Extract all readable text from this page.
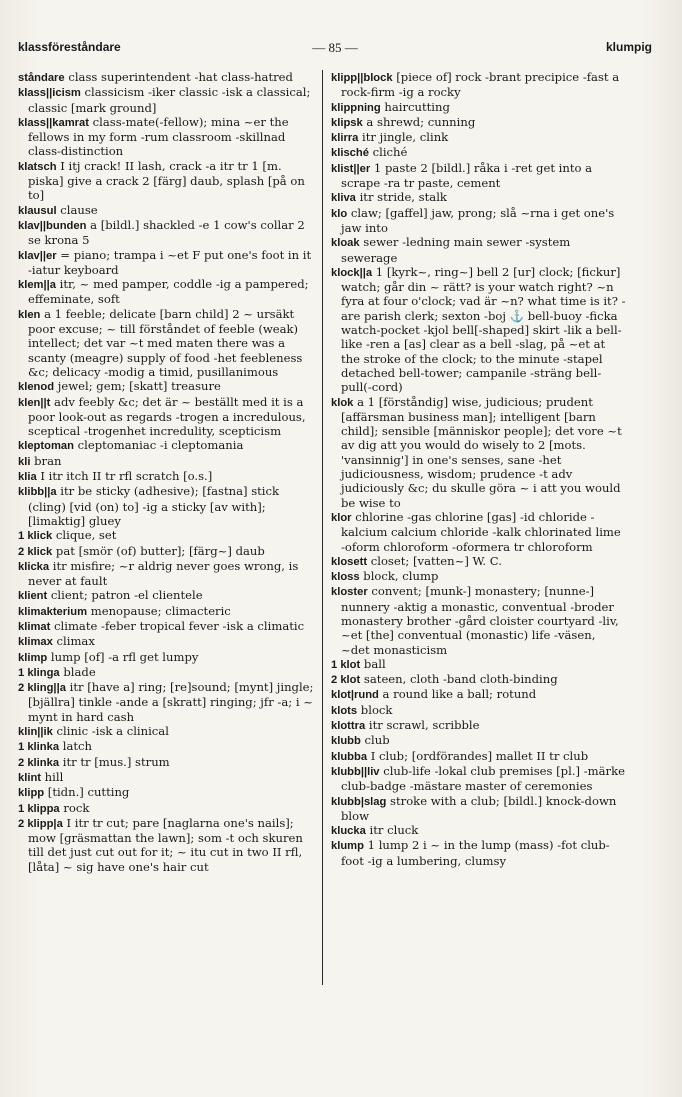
klassföreståndare	— 85 —	klumpig
ståndare class superintendent -hat class-hatred
klass||icism classicism -iker classic -isk a classical; classic [mark ground]
klass||kamrat class-mate(-fellow); mina ~er the fellows in my form -rum classroom -skillnad class-distinction
klatsch I itj crack! II lash, crack -a itr tr 1 [m. piska] give a crack 2 [färg] daub, splash [på on to]
klausul clause
klav||bunden a [bildl.] shackled -e 1 cow's collar 2 se krona 5
klav||er = piano; trampa i ~et F put one's foot in it -iatur keyboard
klem||a itr, ~ med pamper, coddle -ig a pampered; effeminate, soft
klen a 1 feeble; delicate [barn child] 2 ~ ursäkt poor excuse; ~ till förståndet of feeble (weak) intellect; det var ~t med maten there was a scanty (meagre) supply of food -het feebleness &c; delicacy -modig a timid, pusillanimous
klenod jewel; gem; [skatt] treasure
klen||t adv feebly &c; det är ~ beställt med it is a poor look-out as regards -trogen a incredulous, sceptical -trogenhet incredulity, scepticism
kleptoman cleptomaniac -i cleptomania
kli bran
klia I itr itch II tr rfl scratch [o.s.]
klibb||a itr be sticky (adhesive); [fastna] stick (cling) [vid (on) to] -ig a sticky [av with]; [limaktig] gluey
1 klick clique, set
2 klick pat [smör (of) butter]; [färg~] daub
klicka itr misfire; ~r aldrig never goes wrong, is never at fault
klient client; patron -el clientele
klimakterium menopause; climacteric
klimat climate -feber tropical fever -isk a climatic
klimax climax
klimp lump [of] -a rfl get lumpy
1 klinga blade
2 kling||a itr [have a] ring; [re]sound; [mynt] jingle; [bjällra] tinkle -ande a [skratt] ringing; jfr -a; i ~ mynt in hard cash
klin||ik clinic -isk a clinical
1 klinka latch
2 klinka itr tr [mus.] strum
klint hill
klipp [tidn.] cutting
1 klippa rock
2 klipp|a I itr tr cut; pare [naglarna one's nails]; mow [gräsmattan the lawn]; som -t och skuren till det just cut out for it; ~ itu cut in two II rfl, [låta] ~ sig have one's hair cut
klipp||block [piece of] rock -brant precipice -fast a rock-firm -ig a rocky
klippning haircutting
klipsk a shrewd; cunning
klirra itr jingle, clink
klisché cliché
klist||er 1 paste 2 [bildl.] råka i -ret get into a scrape -ra tr paste, cement
kliva itr stride, stalk
klo claw; [gaffel] jaw, prong; slå ~rna i get one's jaw into
kloak sewer -ledning main sewer -system sewerage
klock||a 1 [kyrk~, ring~] bell 2 [ur] clock; [fickur] watch; går din ~ rätt? is your watch right? ~n fyra at four o'clock; vad är ~n? what time is it? -are parish clerk; sexton -boj ⚓ bell-buoy -ficka watch-pocket -kjol bell[-shaped] skirt -lik a bell-like -ren a [as] clear as a bell -slag, på ~et at the stroke of the clock; to the minute -stapel detached bell-tower; campanile -sträng bell-pull(-cord)
klok a 1 [förståndig] wise, judicious; prudent [affärsman business man]; intelligent [barn child]; sensible [människor people]; det vore ~t av dig att you would do wisely to 2 [mots. 'vansinnig'] in one's senses, sane -het judiciousness, wisdom; prudence -t adv judiciously &c; du skulle göra ~ i att you would be wise to
klor chlorine -gas chlorine [gas] -id chloride -kalcium calcium chloride -kalk chlorinated lime -oform chloroform -oformera tr chloroform
klosett closet; [vatten~] W. C.
kloss block, clump
kloster convent; [munk-] monastery; [nunne-] nunnery -aktig a monastic, conventual -broder monastery brother -gård cloister courtyard -liv, ~et [the] conventual (monastic) life -väsen, ~det monasticism
1 klot ball
2 klot sateen, cloth -band cloth-binding
klot|rund a round like a ball; rotund
klots block
klottra itr scrawl, scribble
klubb club
klubba I club; [ordförandes] mallet II tr club
klubb||liv club-life -lokal club premises [pl.] -märke club-badge -mästare master of ceremonies
klubb|slag stroke with a club; [bildl.] knock-down blow
klucka itr cluck
klump 1 lump 2 i ~ in the lump (mass) -fot club-foot -ig a lumbering, clumsy
